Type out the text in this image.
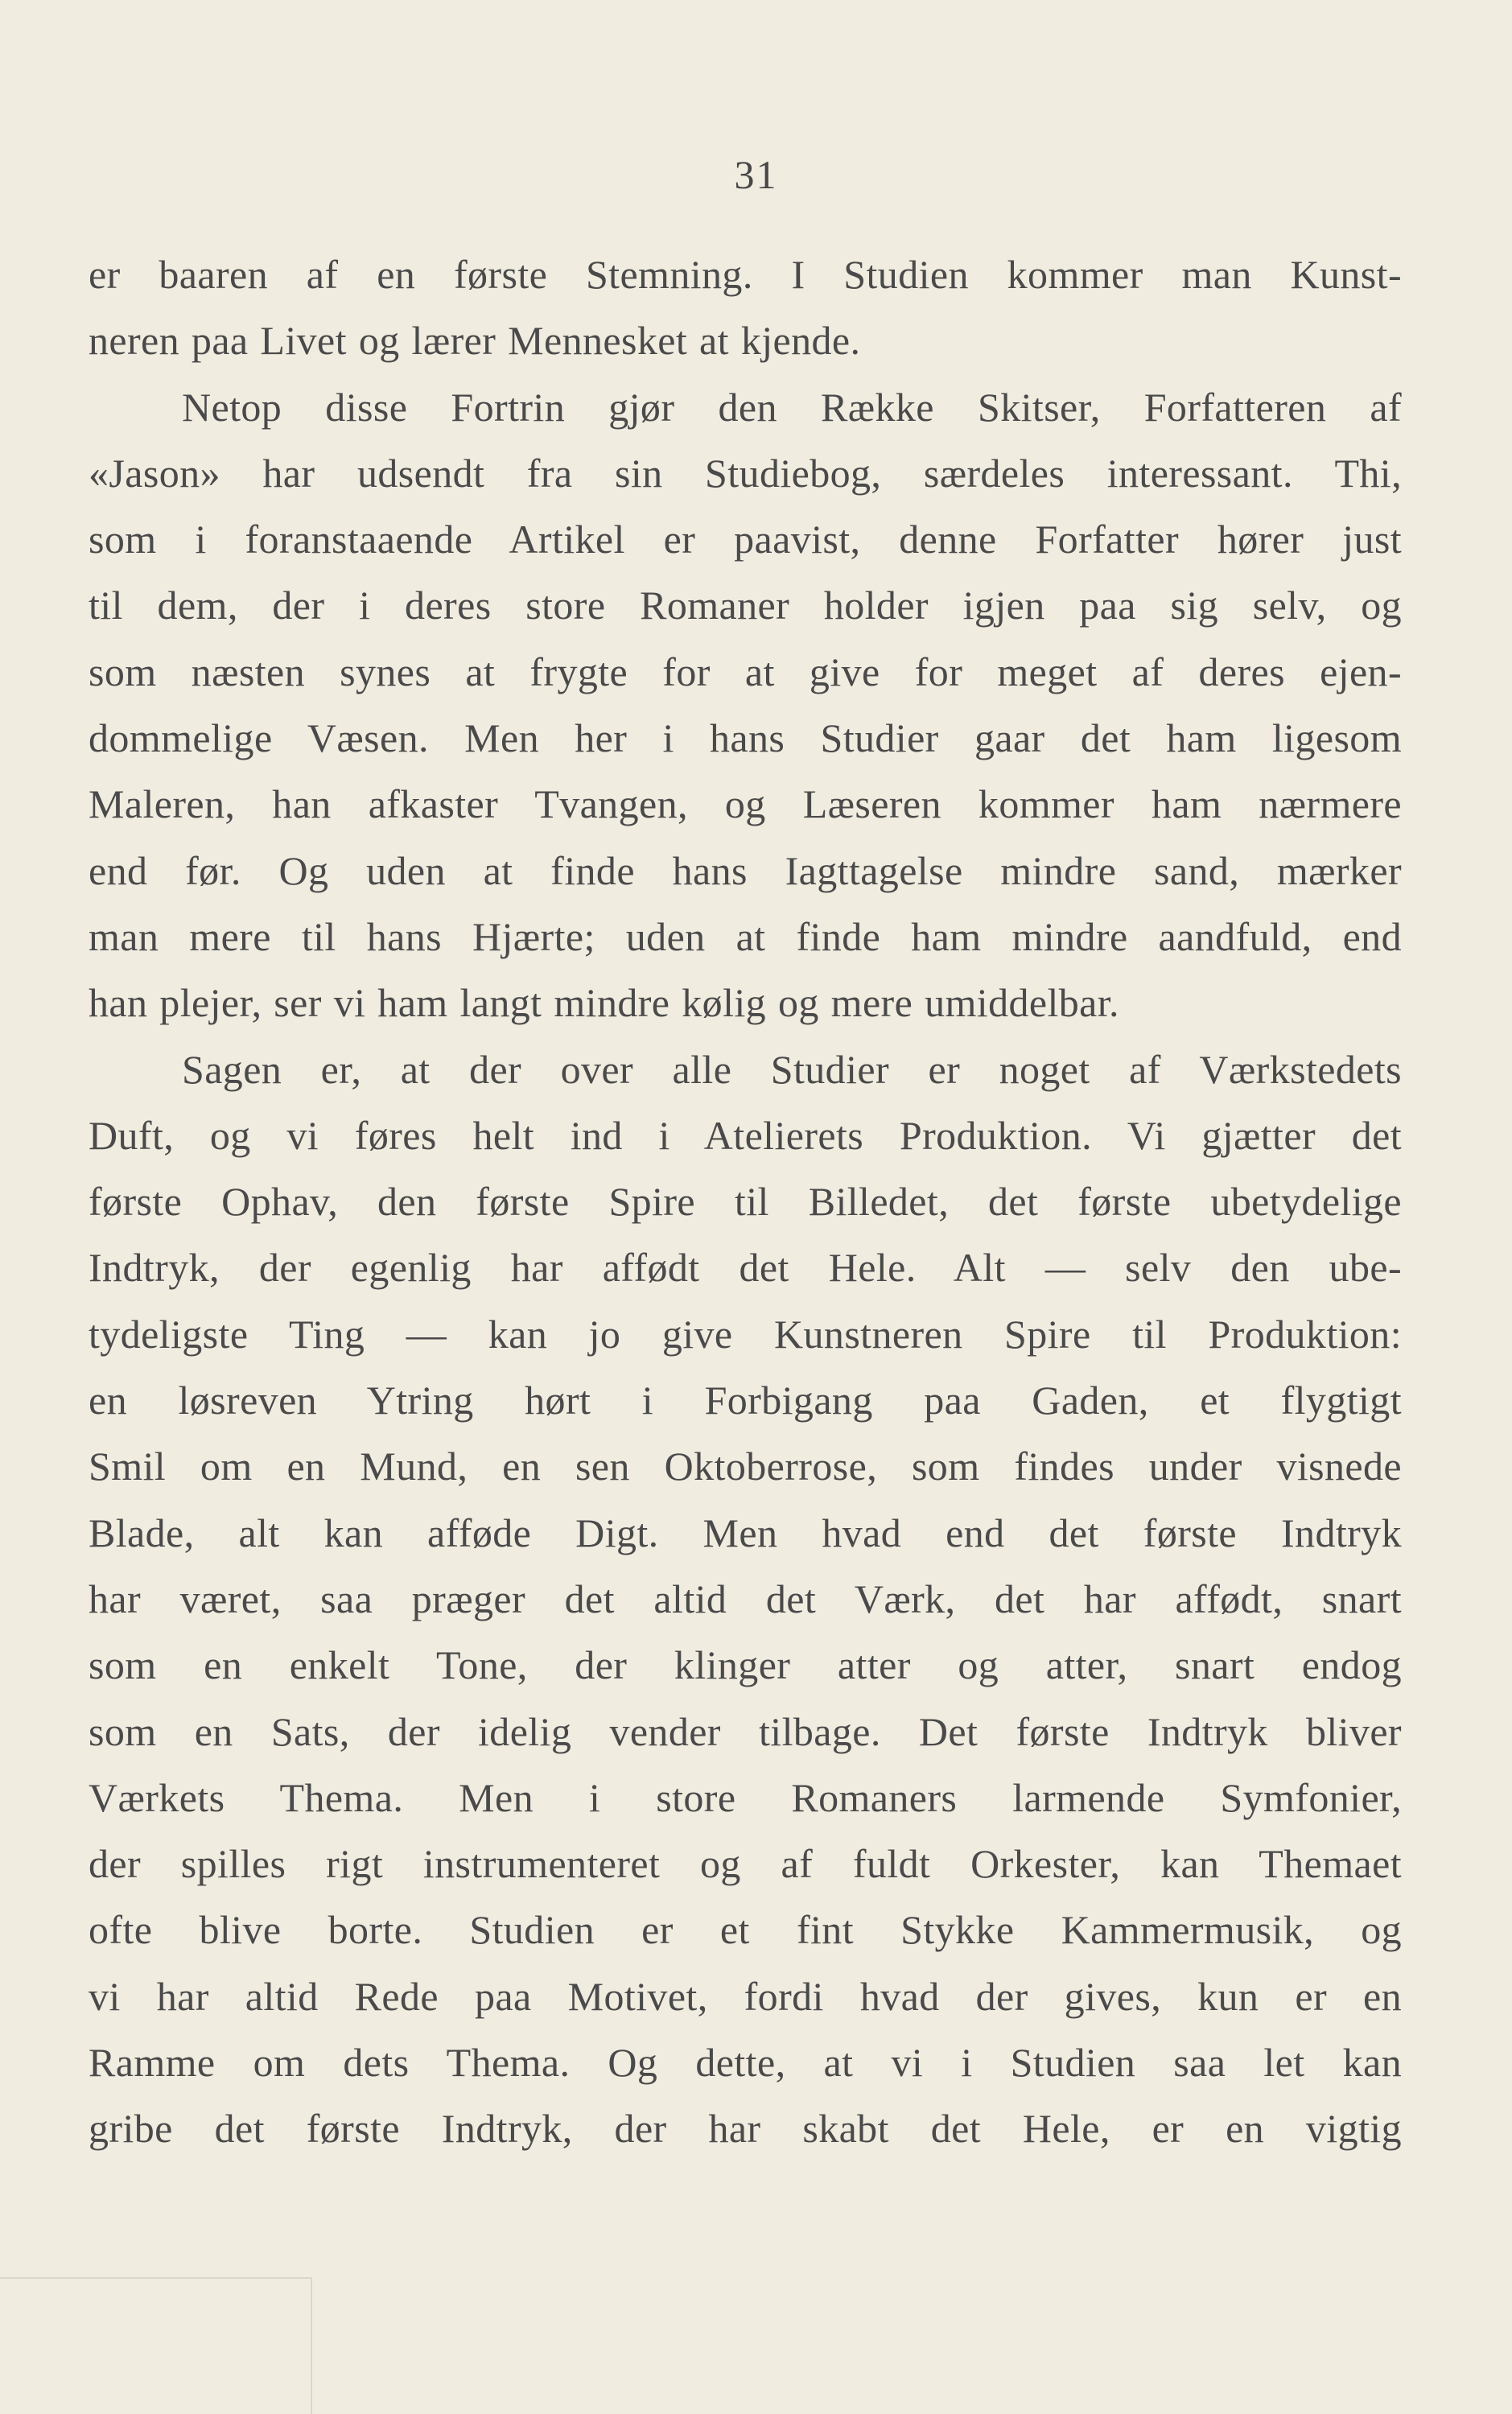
31
er baaren af en første Stemning. I Studien kommer man Kunst-
neren paa Livet og lærer Mennesket at kjende.
Netop disse Fortrin gjør den Række Skitser, Forfatteren af
«Jason» har udsendt fra sin Studiebog, særdeles interessant. Thi,
som i foranstaaende Artikel er paavist, denne Forfatter hører just
til dem, der i deres store Romaner holder igjen paa sig selv, og
som næsten synes at frygte for at give for meget af deres ejen-
dommelige Væsen. Men her i hans Studier gaar det ham ligesom
Maleren, han afkaster Tvangen, og Læseren kommer ham nærmere
end før. Og uden at finde hans Iagttagelse mindre sand, mærker
man mere til hans Hjærte; uden at finde ham mindre aandfuld, end
han plejer, ser vi ham langt mindre kølig og mere umiddelbar.
Sagen er, at der over alle Studier er noget af Værkstedets
Duft, og vi føres helt ind i Atelierets Produktion. Vi gjætter det
første Ophav, den første Spire til Billedet, det første ubetydelige
Indtryk, der egenlig har affødt det Hele. Alt — selv den ube-
tydeligste Ting — kan jo give Kunstneren Spire til Produktion:
en løsreven Ytring hørt i Forbigang paa Gaden, et flygtigt
Smil om en Mund, en sen Oktoberrose, som findes under visnede
Blade, alt kan afføde Digt. Men hvad end det første Indtryk
har været, saa præger det altid det Værk, det har affødt, snart
som en enkelt Tone, der klinger atter og atter, snart endog
som en Sats, der idelig vender tilbage. Det første Indtryk bliver
Værkets Thema. Men i store Romaners larmende Symfonier,
der spilles rigt instrumenteret og af fuldt Orkester, kan Themaet
ofte blive borte. Studien er et fint Stykke Kammermusik, og
vi har altid Rede paa Motivet, fordi hvad der gives, kun er en
Ramme om dets Thema. Og dette, at vi i Studien saa let kan
gribe det første Indtryk, der har skabt det Hele, er en vigtig
